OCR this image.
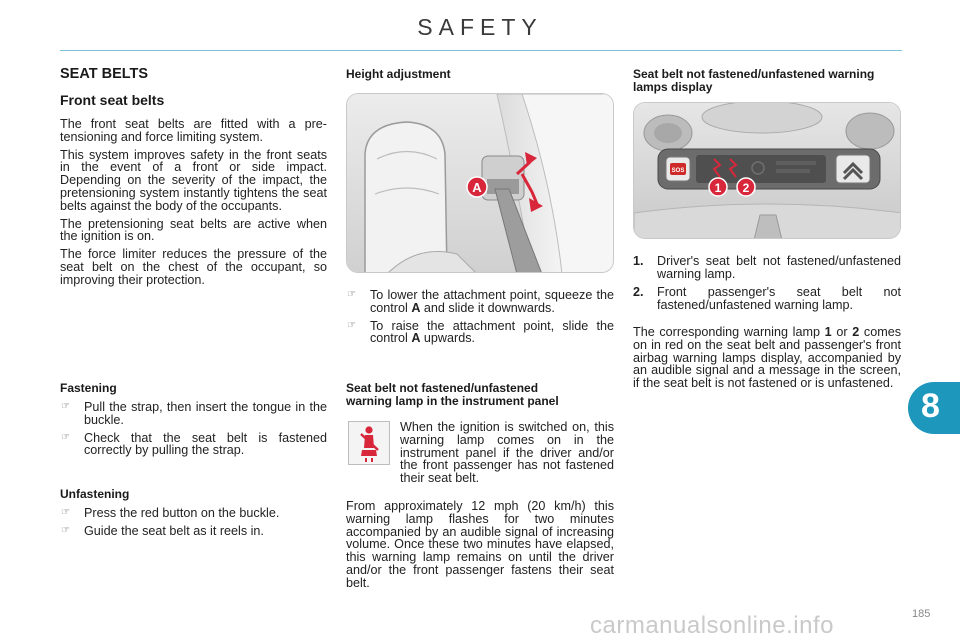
SAFETY
SEAT BELTS
Front seat belts

The front seat belts are fitted with a pre-tensioning and force limiting system.

This system improves safety in the front seats in the event of a front or side impact. Depending on the severity of the impact, the pretensioning system instantly tightens the seat belts against the body of the occupants.

The pretensioning seat belts are active when the ignition is on.

The force limiter reduces the pressure of the seat belt on the chest of the occupant, so improving their protection.

Fastening
☞ Pull the strap, then insert the tongue in the buckle.
☞ Check that the seat belt is fastened correctly by pulling the strap.
Unfastening
☞ Press the red button on the buckle.
☞ Guide the seat belt as it reels in.
Height adjustment
A
☞ To lower the attachment point, squeeze the control A and slide it downwards.
☞ To raise the attachment point, slide the control A upwards.
Seat belt not fastened/unfastened warning lamp in the instrument panel

When the ignition is switched on, this warning lamp comes on in the instrument panel if the driver and/or the front passenger has not fastened their seat belt.

From approximately 12 mph (20 km/h) this warning lamp flashes for two minutes accompanied by an audible signal of increasing volume. Once these two minutes have elapsed, this warning lamp remains on until the driver and/or the front passenger fastens their seat belt.

Seat belt not fastened/unfastened warning lamps display
SOS
1 2
1. Driver's seat belt not fastened/unfastened warning lamp.
2. Front passenger's seat belt not fastened/unfastened warning lamp.

The corresponding warning lamp 1 or 2 comes on in red on the seat belt and passenger's front airbag warning lamps display, accompanied by an audible signal and a message in the screen, if the seat belt is not fastened or is unfastened.

8
carmanualsonline.info	185
